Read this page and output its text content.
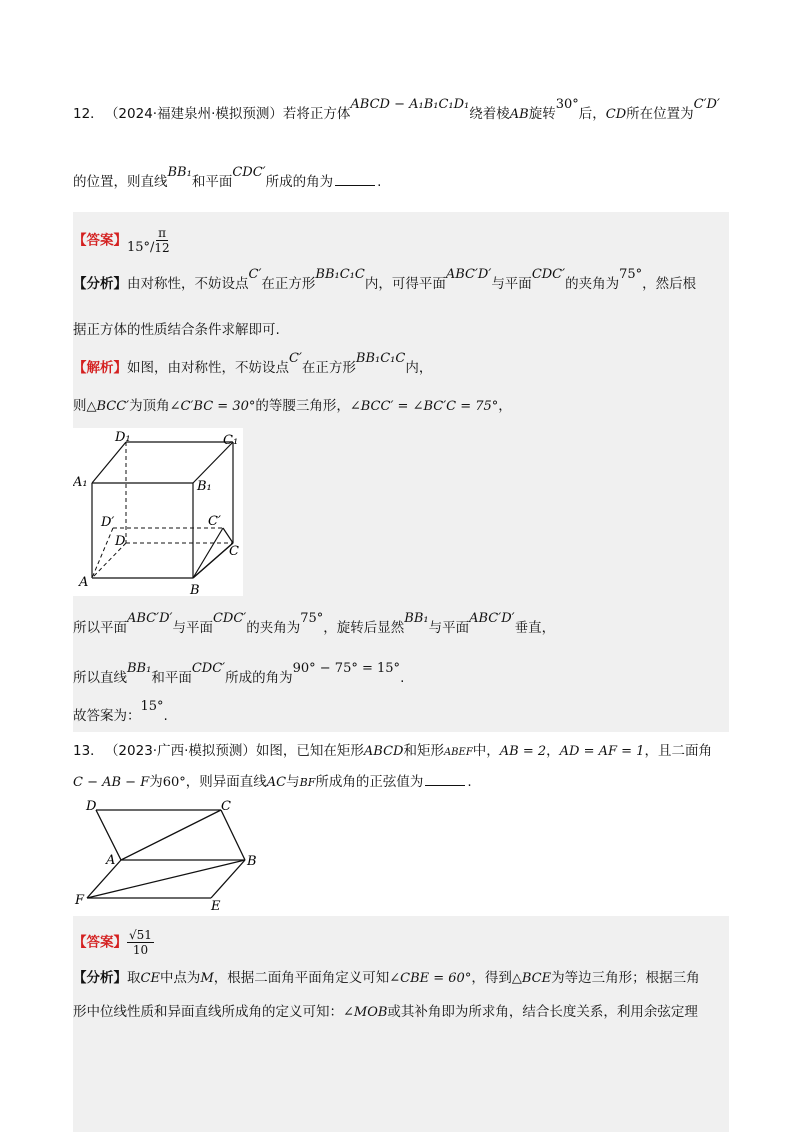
12． （2024·福建泉州·模拟预测）若将正方体ABCD − A₁B₁C₁D₁绕着棱AB旋转30°后，CD所在位置为C′D′
的位置，则直线BB₁和平面CDC′所成的角为	.
【答案】$15^\circ/ \frac{\pi}{12}$
【分析】由对称性，不妨设点C′在正方形BB₁C₁C内，可得平面ABC′D′与平面CDC′的夹角为75°，然后根
据正方体的性质结合条件求解即可.
【解析】如图，由对称性，不妨设点C′在正方形BB₁C₁C内，
则△BCC′为顶角∠C′BC = 30°的等腰三角形，∠BCC′ = ∠BC′C = 75°，
D₁	C₁
A₁	B₁
D′	C′
D
C
A
B
所以平面ABC′D′与平面CDC′的夹角为75°，旋转后显然BB₁与平面ABC′D′垂直，
所以直线BB₁和平面CDC′所成的角为90° − 75° = 15°.
故答案为：15°.
13． （2023·广西·模拟预测）如图，已知在矩形ABCD和矩形ABEF中，AB = 2，AD = AF = 1，且二面角
C − AB − F为60°，则异面直线AC与BF所成角的正弦值为	.
D	C
A	B
F	E
【答案】 $\frac{√51}{10}$
【分析】取CE中点为M，根据二面角平面角定义可知∠CBE = 60°，得到△BCE为等边三角形；根据三角
形中位线性质和异面直线所成角的定义可知：∠MOB或其补角即为所求角，结合长度关系，利用余弦定理
